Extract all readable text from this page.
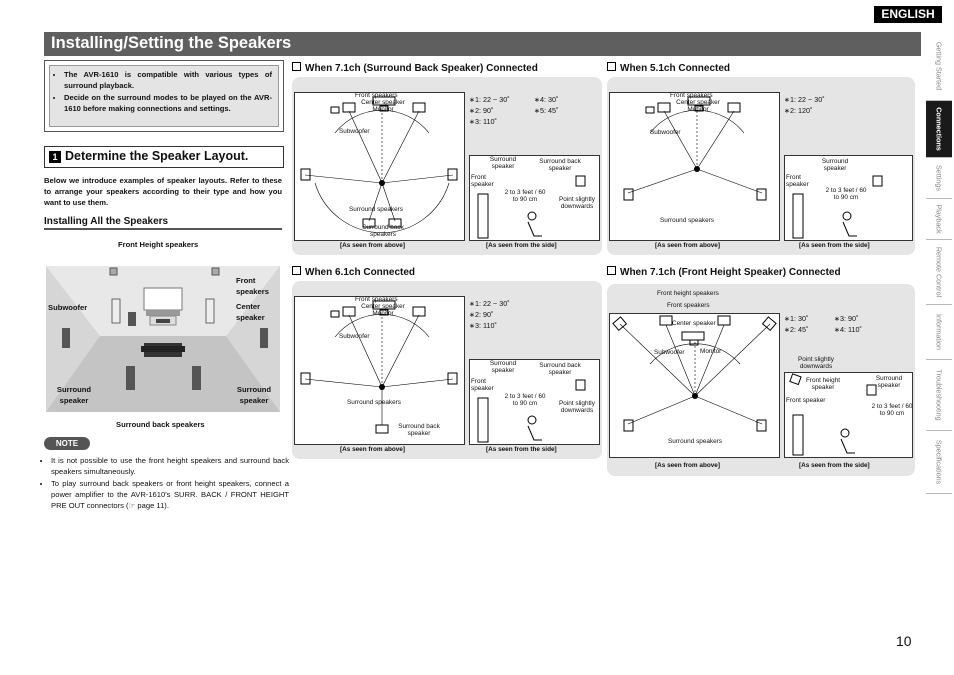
ENGLISH
Installing/Setting the Speakers
• The AVR-1610 is compatible with various types of surround playback.
• Decide on the surround modes to be played on the AVR-1610 before making connections and settings.
1 Determine the Speaker Layout.
Below we introduce examples of speaker layouts. Refer to these to arrange your speakers according to their type and how you want to use them.
Installing All the Speakers
Front Height speakers
Front speakers
Subwoofer	Center speaker
Surround speaker
Surround speaker
Surround back speakers
NOTE
• It is not possible to use the front height speakers and surround back speakers simultaneously.
• To play surround back speakers or front height speakers, connect a power amplifier to the AVR-1610's SURR. BACK / FRONT HEIGHT PRE OUT connectors (☞ page 11).
When 7.1ch (Surround Back Speaker) Connected
Front speakers
Center speaker
Monitor
Subwoofer
Surround speakers
Surround back speakers
∗1: 22 ~ 30˚	∗4: 30˚
∗2: 90˚	∗5: 45˚
∗3: 110˚
Surround speaker
Surround back speaker
Front speaker
2 to 3 feet / 60 to 90 cm	Point slightly downwards
[As seen from above]	[As seen from the side]
When 5.1ch Connected
Front speakers
Center speaker
Monitor
Subwoofer
Surround speakers
∗1: 22 ~ 30˚
∗2: 120˚
Surround speaker
Front speaker
2 to 3 feet / 60 to 90 cm
[As seen from above]	[As seen from the side]
When 6.1ch Connected
Front speakers
Center speaker
Monitor
Subwoofer
Surround speakers
Surround back speaker
∗1: 22 ~ 30˚
∗2: 90˚
∗3: 110˚
Surround speaker
Surround back speaker
Front speaker
2 to 3 feet / 60 to 90 cm	Point slightly downwards
[As seen from above]	[As seen from the side]
When 7.1ch (Front Height Speaker) Connected
Center speaker
Subwoofer Monitor
Surround speakers
Front height speakers
Front speakers
∗1: 30˚	∗3: 90˚
∗2: 45˚	∗4: 110˚
Point slightly downwards
Front height speaker
Surround speaker
Front speaker
2 to 3 feet / 60 to 90 cm
[As seen from above]	[As seen from the side]
Getting Started
Connections
Settings
Playback
Remote Control
Information
Troubleshooting
Specifications
10
